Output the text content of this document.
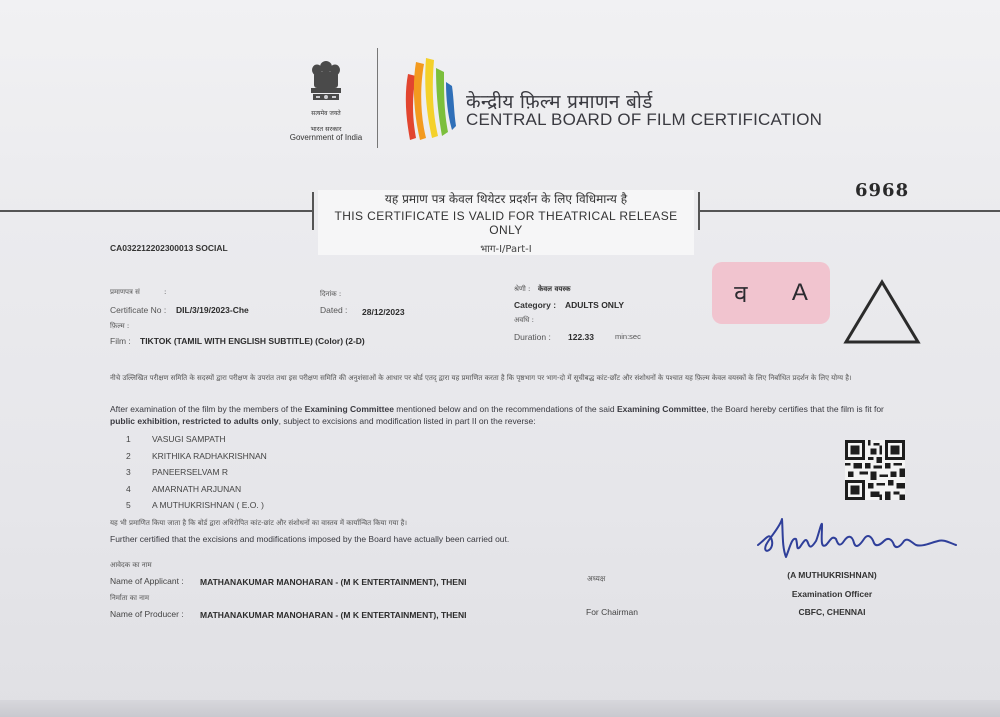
सत्यमेव जयते
भारत सरकार
Government of India
केन्द्रीय फ़िल्म प्रमाणन बोर्ड
CENTRAL BOARD OF FILM CERTIFICATION
6968
यह प्रमाण पत्र केवल थियेटर प्रदर्शन के लिए विधिमान्य है
THIS CERTIFICATE IS VALID FOR THEATRICAL RELEASE ONLY
भाग-I/Part-I
CA032212202300013 SOCIAL
प्रमाणपत्र सं	:
Certificate No : DIL/3/19/2023-Che
दिनांक :
Dated : 28/12/2023
फ़िल्म :
Film : TIKTOK (TAMIL WITH ENGLISH SUBTITLE) (Color) (2-D)
श्रेणी : केवल वयस्क
Category : ADULTS ONLY
अवधि :
Duration : 122.33	min:sec
व A
नीचे उल्लिखित परीक्षण समिति के सदस्यों द्वारा परीक्षण के उपरांत तथा इस परीक्षण समिति की अनुशंसाओं के आधार पर बोर्ड एतद् द्वारा यह प्रमाणित करता है कि पृष्ठभाग पर भाग-दो में सूचीबद्ध कांट-छाँट और संशोधनों के पश्चात यह फ़िल्म केवल वयस्कों के लिए निर्बाधित प्रदर्शन के लिए योग्य है।
After examination of the film by the members of the Examining Committee mentioned below and on the recommendations of the said Examining Committee, the Board hereby certifies that the film is fit for public exhibition, restricted to adults only, subject to excisions and modification listed in part II on the reverse:
1	VASUGI SAMPATH
2	KRITHIKA RADHAKRISHNAN
3	PANEERSELVAM R
4	AMARNATH ARJUNAN
5	A MUTHUKRISHNAN ( E.O. )
यह भी प्रमाणित किया जाता है कि बोर्ड द्वारा अधिरोपित कांट-छांट और संशोधनों का वास्तव में कार्यान्वित किया गया है।
Further certified that the excisions and modifications imposed by the Board have actually been carried out.
आवेदक का नाम
Name of Applicant : MATHANAKUMAR MANOHARAN - (M K ENTERTAINMENT), THENI
निर्माता का नाम
Name of Producer : MATHANAKUMAR MANOHARAN - (M K ENTERTAINMENT), THENI
अध्यक्ष
For Chairman
(A MUTHUKRISHNAN)
Examination Officer
CBFC, CHENNAI
